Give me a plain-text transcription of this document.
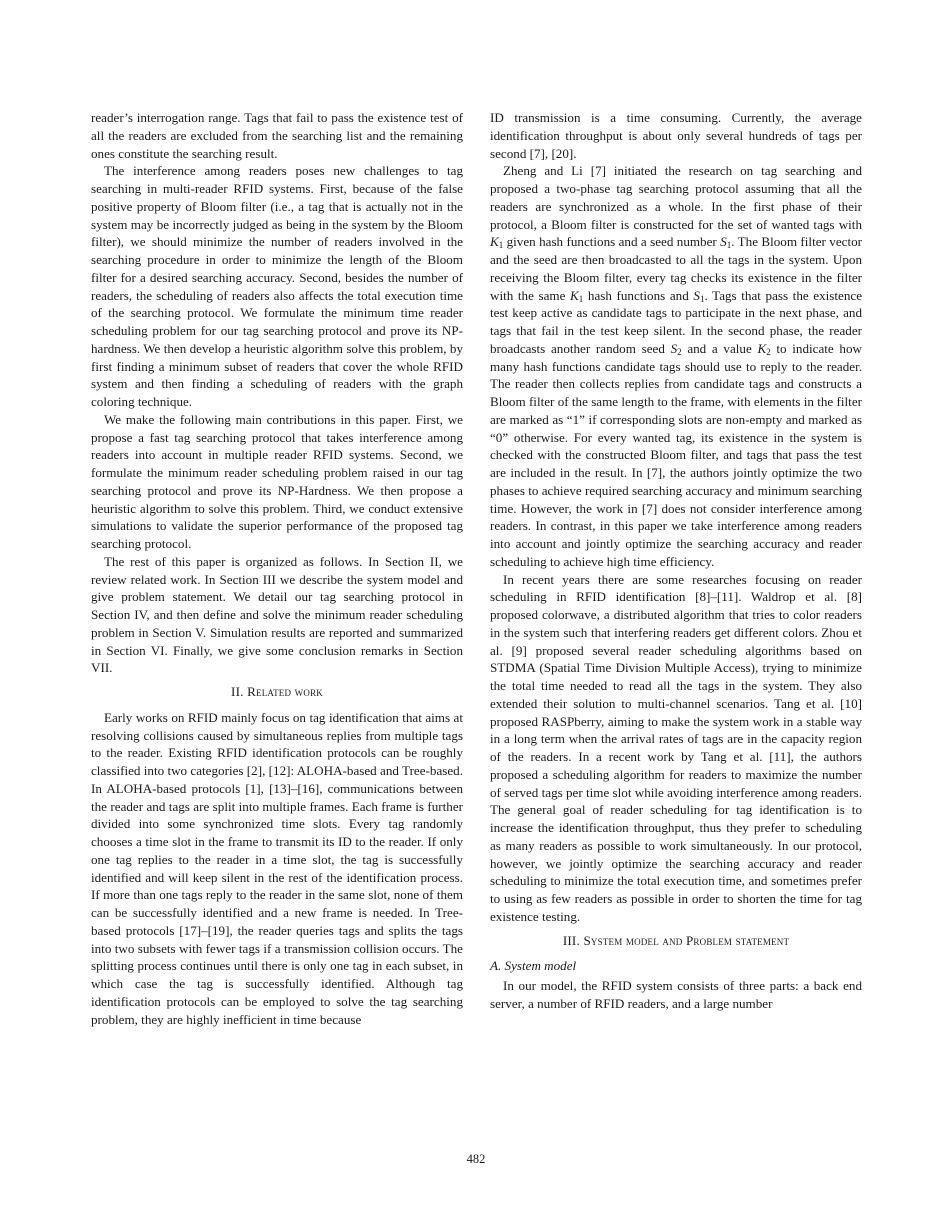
reader’s interrogation range. Tags that fail to pass the existence test of all the readers are excluded from the searching list and the remaining ones constitute the searching result.

The interference among readers poses new challenges to tag searching in multi-reader RFID systems. First, because of the false positive property of Bloom filter (i.e., a tag that is actually not in the system may be incorrectly judged as being in the system by the Bloom filter), we should minimize the number of readers involved in the searching procedure in order to minimize the length of the Bloom filter for a desired searching accuracy. Second, besides the number of readers, the scheduling of readers also affects the total execution time of the searching protocol. We formulate the minimum time reader scheduling problem for our tag searching protocol and prove its NP-hardness. We then develop a heuristic algorithm solve this problem, by first finding a minimum subset of readers that cover the whole RFID system and then finding a scheduling of readers with the graph coloring technique.

We make the following main contributions in this paper. First, we propose a fast tag searching protocol that takes interference among readers into account in multiple reader RFID systems. Second, we formulate the minimum reader scheduling problem raised in our tag searching protocol and prove its NP-Hardness. We then propose a heuristic algorithm to solve this problem. Third, we conduct extensive simulations to validate the superior performance of the proposed tag searching protocol.

The rest of this paper is organized as follows. In Section II, we review related work. In Section III we describe the system model and give problem statement. We detail our tag searching protocol in Section IV, and then define and solve the minimum reader scheduling problem in Section V. Simulation results are reported and summarized in Section VI. Finally, we give some conclusion remarks in Section VII.

II. Related work

Early works on RFID mainly focus on tag identification that aims at resolving collisions caused by simultaneous replies from multiple tags to the reader. Existing RFID identification protocols can be roughly classified into two categories [2], [12]: ALOHA-based and Tree-based. In ALOHA-based protocols [1], [13]–[16], communications between the reader and tags are split into multiple frames. Each frame is further divided into some synchronized time slots. Every tag randomly chooses a time slot in the frame to transmit its ID to the reader. If only one tag replies to the reader in a time slot, the tag is successfully identified and will keep silent in the rest of the identification process. If more than one tags reply to the reader in the same slot, none of them can be successfully identified and a new frame is needed. In Tree-based protocols [17]–[19], the reader queries tags and splits the tags into two subsets with fewer tags if a transmission collision occurs. The splitting process continues until there is only one tag in each subset, in which case the tag is successfully identified. Although tag identification protocols can be employed to solve the tag searching problem, they are highly inefficient in time because

ID transmission is a time consuming. Currently, the average identification throughput is about only several hundreds of tags per second [7], [20].

Zheng and Li [7] initiated the research on tag searching and proposed a two-phase tag searching protocol assuming that all the readers are synchronized as a whole. In the first phase of their protocol, a Bloom filter is constructed for the set of wanted tags with $K_1$ given hash functions and a seed number $S_1$. The Bloom filter vector and the seed are then broadcasted to all the tags in the system. Upon receiving the Bloom filter, every tag checks its existence in the filter with the same $K_1$ hash functions and $S_1$. Tags that pass the existence test keep active as candidate tags to participate in the next phase, and tags that fail in the test keep silent. In the second phase, the reader broadcasts another random seed $S_2$ and a value $K_2$ to indicate how many hash functions candidate tags should use to reply to the reader. The reader then collects replies from candidate tags and constructs a Bloom filter of the same length to the frame, with elements in the filter are marked as “1” if corresponding slots are non-empty and marked as “0” otherwise. For every wanted tag, its existence in the system is checked with the constructed Bloom filter, and tags that pass the test are included in the result. In [7], the authors jointly optimize the two phases to achieve required searching accuracy and minimum searching time. However, the work in [7] does not consider interference among readers. In contrast, in this paper we take interference among readers into account and jointly optimize the searching accuracy and reader scheduling to achieve high time efficiency.

In recent years there are some researches focusing on reader scheduling in RFID identification [8]–[11]. Waldrop et al. [8] proposed colorwave, a distributed algorithm that tries to color readers in the system such that interfering readers get different colors. Zhou et al. [9] proposed several reader scheduling algorithms based on STDMA (Spatial Time Division Multiple Access), trying to minimize the total time needed to read all the tags in the system. They also extended their solution to multi-channel scenarios. Tang et al. [10] proposed RASPberry, aiming to make the system work in a stable way in a long term when the arrival rates of tags are in the capacity region of the readers. In a recent work by Tang et al. [11], the authors proposed a scheduling algorithm for readers to maximize the number of served tags per time slot while avoiding interference among readers. The general goal of reader scheduling for tag identification is to increase the identification throughput, thus they prefer to scheduling as many readers as possible to work simultaneously. In our protocol, however, we jointly optimize the searching accuracy and reader scheduling to minimize the total execution time, and sometimes prefer to using as few readers as possible in order to shorten the time for tag existence testing.

III. System model and Problem statement
A. System model

In our model, the RFID system consists of three parts: a back end server, a number of RFID readers, and a large number

482
